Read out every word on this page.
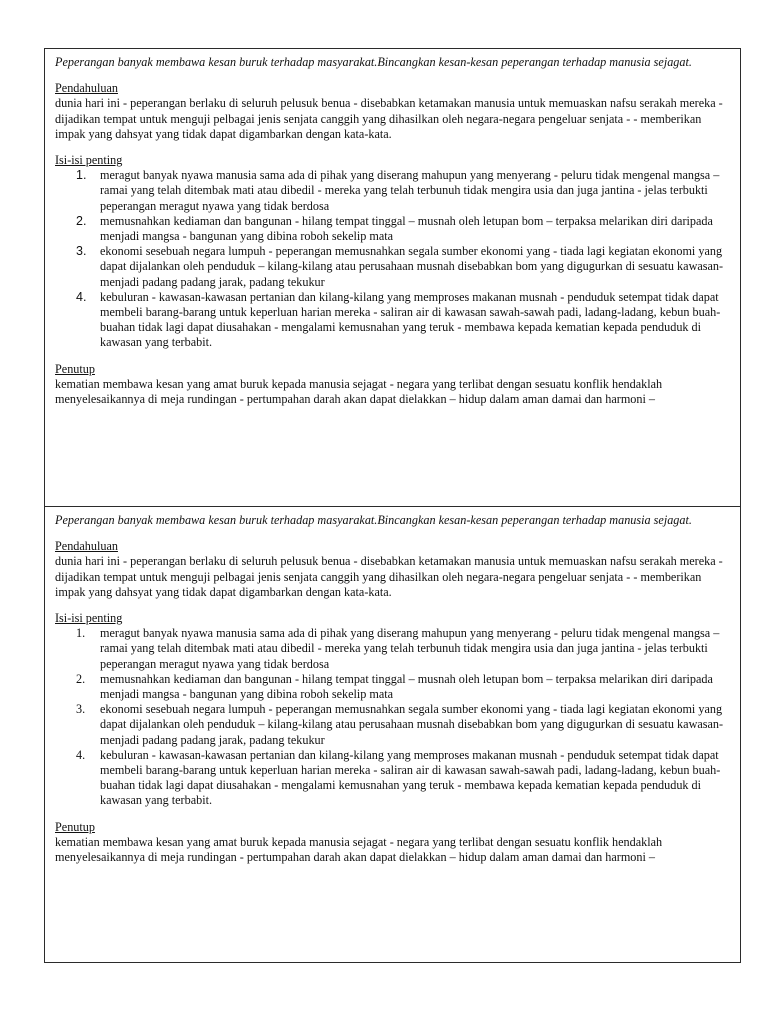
Peperangan banyak membawa kesan buruk terhadap masyarakat.Bincangkan kesan-kesan peperangan terhadap manusia sejagat.

Pendahuluan

dunia hari ini - peperangan berlaku di seluruh pelusuk benua - disebabkan ketamakan manusia untuk memuaskan nafsu serakah mereka - dijadikan tempat untuk menguji pelbagai jenis senjata canggih yang dihasilkan oleh negara-negara pengeluar senjata - - memberikan impak yang dahsyat yang tidak dapat digambarkan dengan kata-kata.

Isi-isi penting

1.	meragut banyak nyawa manusia sama ada di pihak yang diserang mahupun yang menyerang - peluru tidak mengenal mangsa – ramai yang telah ditembak mati atau dibedil - mereka yang telah terbunuh tidak mengira usia dan juga jantina - jelas terbukti peperangan meragut nyawa yang tidak berdosa
2.	memusnahkan kediaman dan bangunan - hilang tempat tinggal – musnah oleh letupan bom – terpaksa melarikan diri daripada menjadi mangsa - bangunan yang dibina roboh sekelip mata
3.	ekonomi sesebuah negara lumpuh - peperangan memusnahkan segala sumber ekonomi yang - tiada lagi kegiatan ekonomi yang dapat dijalankan oleh penduduk – kilang-kilang atau perusahaan musnah disebabkan bom yang digugurkan di sesuatu kawasan- menjadi padang padang jarak, padang tekukur
4.	kebuluran - kawasan-kawasan pertanian dan kilang-kilang yang memproses makanan musnah - penduduk setempat tidak dapat membeli barang-barang untuk keperluan harian mereka - saliran air di kawasan sawah-sawah padi, ladang-ladang, kebun buah-buahan tidak lagi dapat diusahakan - mengalami kemusnahan yang teruk - membawa kepada kematian kepada penduduk di kawasan yang terbabit.

Penutup

kematian membawa kesan yang amat buruk kepada manusia sejagat - negara yang terlibat dengan sesuatu konflik hendaklah menyelesaikannya di meja rundingan - pertumpahan darah akan dapat dielakkan – hidup dalam aman damai dan harmoni –

Peperangan banyak membawa kesan buruk terhadap masyarakat.Bincangkan kesan-kesan peperangan terhadap manusia sejagat.

Pendahuluan

dunia hari ini - peperangan berlaku di seluruh pelusuk benua - disebabkan ketamakan manusia untuk memuaskan nafsu serakah mereka - dijadikan tempat untuk menguji pelbagai jenis senjata canggih yang dihasilkan oleh negara-negara pengeluar senjata - - memberikan impak yang dahsyat yang tidak dapat digambarkan dengan kata-kata.

Isi-isi penting

1.	meragut banyak nyawa manusia sama ada di pihak yang diserang mahupun yang menyerang - peluru tidak mengenal mangsa – ramai yang telah ditembak mati atau dibedil - mereka yang telah terbunuh tidak mengira usia dan juga jantina - jelas terbukti peperangan meragut nyawa yang tidak berdosa
2.	memusnahkan kediaman dan bangunan - hilang tempat tinggal – musnah oleh letupan bom – terpaksa melarikan diri daripada menjadi mangsa - bangunan yang dibina roboh sekelip mata
3.	ekonomi sesebuah negara lumpuh - peperangan memusnahkan segala sumber ekonomi yang - tiada lagi kegiatan ekonomi yang dapat dijalankan oleh penduduk – kilang-kilang atau perusahaan musnah disebabkan bom yang digugurkan di sesuatu kawasan- menjadi padang padang jarak, padang tekukur
4.	kebuluran - kawasan-kawasan pertanian dan kilang-kilang yang memproses makanan musnah - penduduk setempat tidak dapat membeli barang-barang untuk keperluan harian mereka - saliran air di kawasan sawah-sawah padi, ladang-ladang, kebun buah-buahan tidak lagi dapat diusahakan - mengalami kemusnahan yang teruk - membawa kepada kematian kepada penduduk di kawasan yang terbabit.

Penutup

kematian membawa kesan yang amat buruk kepada manusia sejagat - negara yang terlibat dengan sesuatu konflik hendaklah menyelesaikannya di meja rundingan - pertumpahan darah akan dapat dielakkan – hidup dalam aman damai dan harmoni –
